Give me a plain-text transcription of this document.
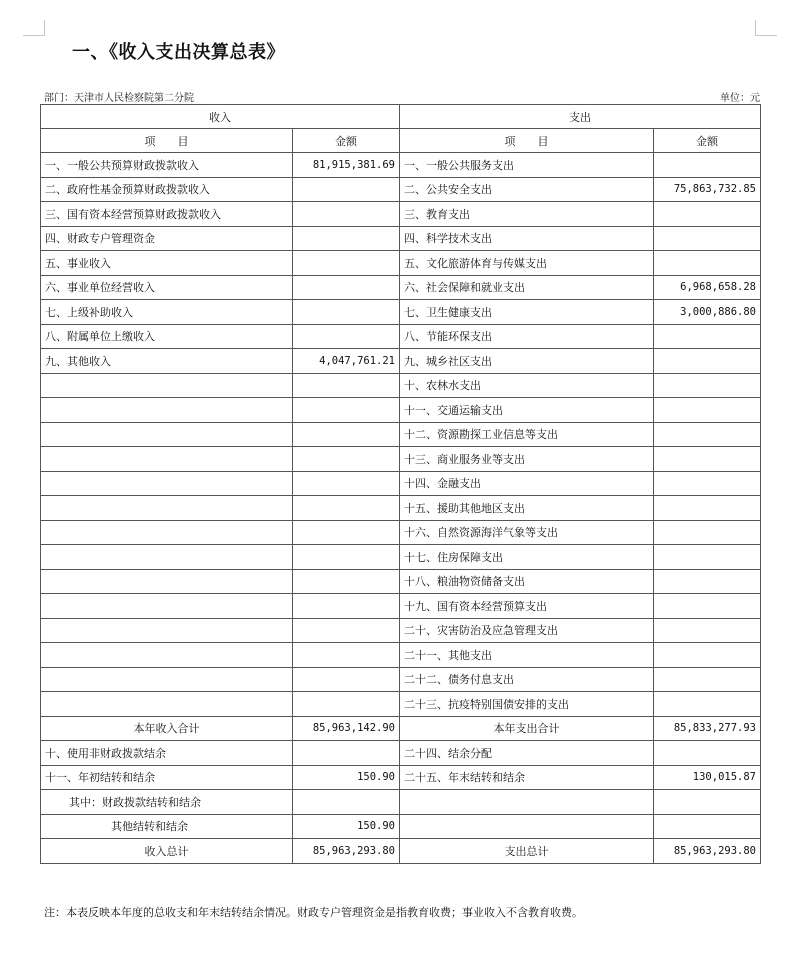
一、《收入支出决算总表》
部门：天津市人民检察院第二分院	单位：元
收入		支出	
项　　目	金额	项　　目	金额
一、一般公共预算财政拨款收入	81,915,381.69	一、一般公共服务支出	
二、政府性基金预算财政拨款收入		二、公共安全支出	75,863,732.85
三、国有资本经营预算财政拨款收入		三、教育支出	
四、财政专户管理资金		四、科学技术支出	
五、事业收入		五、文化旅游体育与传媒支出	
六、事业单位经营收入		六、社会保障和就业支出	6,968,658.28
七、上级补助收入		七、卫生健康支出	3,000,886.80
八、附属单位上缴收入		八、节能环保支出	
九、其他收入	4,047,761.21	九、城乡社区支出	
		十、农林水支出	
		十一、交通运输支出	
		十二、资源勘探工业信息等支出	
		十三、商业服务业等支出	
		十四、金融支出	
		十五、援助其他地区支出	
		十六、自然资源海洋气象等支出	
		十七、住房保障支出	
		十八、粮油物资储备支出	
		十九、国有资本经营预算支出	
		二十、灾害防治及应急管理支出	
		二十一、其他支出	
		二十二、债务付息支出	
		二十三、抗疫特别国债安排的支出	
本年收入合计	85,963,142.90	本年支出合计	85,833,277.93
十、使用非财政拨款结余		二十四、结余分配	
十一、年初结转和结余	150.90	二十五、年末结转和结余	130,015.87
其中：财政拨款结转和结余			
其他结转和结余	150.90		
收入总计	85,963,293.80	支出总计	85,963,293.80
注：本表反映本年度的总收支和年末结转结余情况。财政专户管理资金是指教育收费；事业收入不含教育收费。
